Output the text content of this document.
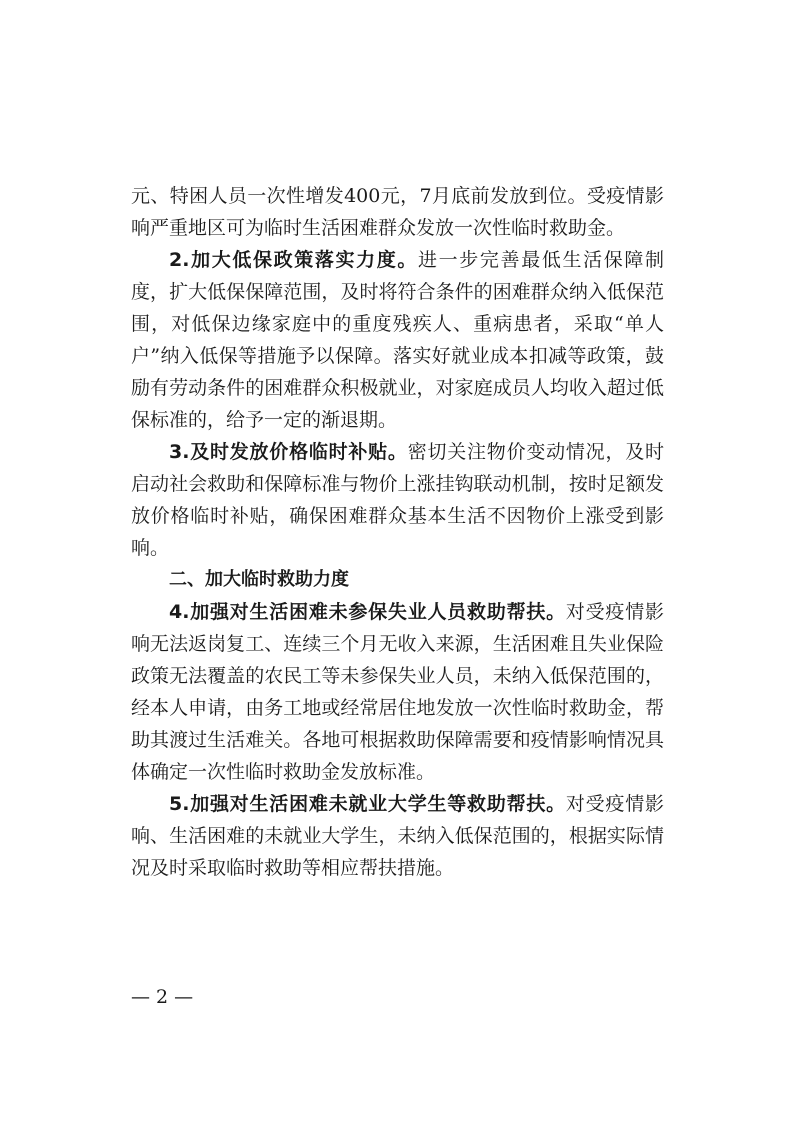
元、特困人员一次性增发400元，7月底前发放到位。受疫情影响严重地区可为临时生活困难群众发放一次性临时救助金。

2.加大低保政策落实力度。进一步完善最低生活保障制度，扩大低保保障范围，及时将符合条件的困难群众纳入低保范围，对低保边缘家庭中的重度残疾人、重病患者，采取“单人户”纳入低保等措施予以保障。落实好就业成本扣减等政策，鼓励有劳动条件的困难群众积极就业，对家庭成员人均收入超过低保标准的，给予一定的渐退期。

3.及时发放价格临时补贴。密切关注物价变动情况，及时启动社会救助和保障标准与物价上涨挂钩联动机制，按时足额发放价格临时补贴，确保困难群众基本生活不因物价上涨受到影响。

二、加大临时救助力度

4.加强对生活困难未参保失业人员救助帮扶。对受疫情影响无法返岗复工、连续三个月无收入来源，生活困难且失业保险政策无法覆盖的农民工等未参保失业人员，未纳入低保范围的，经本人申请，由务工地或经常居住地发放一次性临时救助金，帮助其渡过生活难关。各地可根据救助保障需要和疫情影响情况具体确定一次性临时救助金发放标准。

5.加强对生活困难未就业大学生等救助帮扶。对受疫情影响、生活困难的未就业大学生，未纳入低保范围的，根据实际情况及时采取临时救助等相应帮扶措施。

— 2 —
